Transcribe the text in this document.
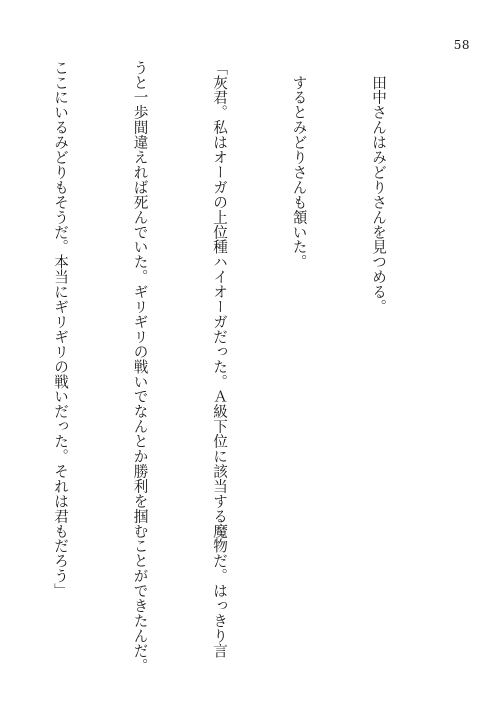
58

　田中さんはみどりさんを見つめる。

　するとみどりさんも頷いた。

「灰君。私はオーガの上位種ハイオーガだった。Ａ級下位に該当する魔物だ。はっきり言

うと一歩間違えれば死んでいた。ギリギリの戦いでなんとか勝利を掴むことができたんだ。

ここにいるみどりもそうだ。本当にギリギリの戦いだった。それは君もだろう」
